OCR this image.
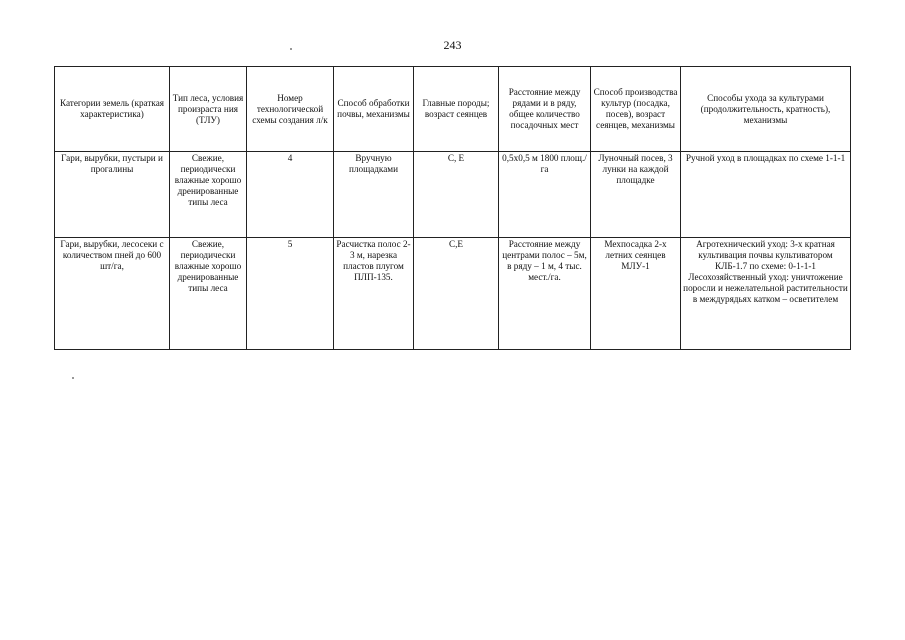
243
Категории земель (краткая характеристика)	Тип леса, условия произраста ния (ТЛУ)	Номер технологической схемы создания л/к	Способ обработки почвы, механизмы	Главные породы; возраст сеянцев	Расстояние между рядами и в ряду, общее количество посадочных мест	Способ производства культур (посадка, посев), возраст сеянцев, механизмы	Способы ухода за культурами (продолжительность, кратность), механизмы
Гари, вырубки, пустыри и прогалины	Свежие, периодически влажные хорошо дренированные типы леса	4	Вручную площадками	С, Е	0,5х0,5 м 1800 площ./га	Луночный посев, 3 лунки на каждой площадке	Ручной уход в площадках по схеме 1-1-1
Гари, вырубки, лесосеки с количеством пней до 600 шт/га,	Свежие, периодически влажные хорошо дренированные типы леса	5	Расчистка полос 2-3 м, нарезка пластов плугом ПЛП-135.	С,Е	Расстояние между центрами полос – 5м, в ряду – 1 м, 4 тыс. мест./га.	Мехпосадка 2-х летних сеянцев МЛУ-1	Агротехнический уход: 3-х кратная культивация почвы культиватором КЛБ-1.7 по схеме: 0-1-1-1 Лесохозяйственный уход: уничтожение поросли и нежелательной растительности в междурядьях катком – осветителем
